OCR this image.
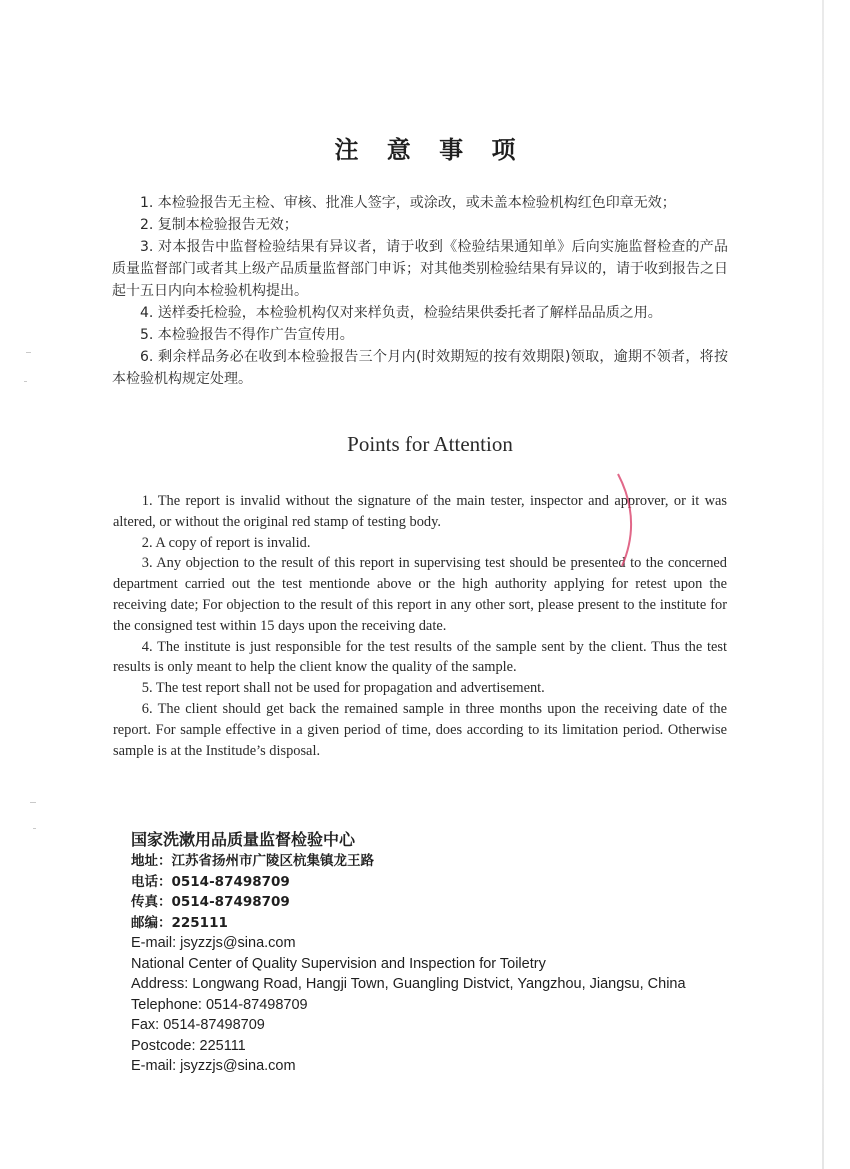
注 意 事 项

1. 本检验报告无主检、审核、批准人签字，或涂改，或未盖本检验机构红色印章无效；

2. 复制本检验报告无效；

3. 对本报告中监督检验结果有异议者，请于收到《检验结果通知单》后向实施监督检查的产品质量监督部门或者其上级产品质量监督部门申诉；对其他类别检验结果有异议的，请于收到报告之日起十五日内向本检验机构提出。

4. 送样委托检验，本检验机构仅对来样负责，检验结果供委托者了解样品品质之用。

5. 本检验报告不得作广告宣传用。

6. 剩余样品务必在收到本检验报告三个月内(时效期短的按有效期限)领取，逾期不领者，将按本检验机构规定处理。

Points for Attention

1. The report is invalid without the signature of the main tester, inspector and approver, or it was altered, or without the original red stamp of testing body.

2. A copy of report is invalid.

3. Any objection to the result of this report in supervising test should be presented to the concerned department carried out the test mentionde above or the high authority applying for retest upon the receiving date; For objection to the result of this report in any other sort, please present to the institute for the consigned test within 15 days upon the receiving date.

4. The institute is just responsible for the test results of the sample sent by the client. Thus the test results is only meant to help the client know the quality of the sample.

5. The test report shall not be used for propagation and advertisement.

6. The client should get back the remained sample in three months upon the receiving date of the report. For sample effective in a given period of time, does according to its limitation period. Otherwise sample is at the Institude’s disposal.

国家洗漱用品质量监督检验中心
地址：江苏省扬州市广陵区杭集镇龙王路
电话：0514-87498709
传真：0514-87498709
邮编：225111
E-mail: jsyzzjs@sina.com
National Center of Quality Supervision and Inspection for Toiletry
Address: Longwang Road, Hangji Town, Guangling Distvict, Yangzhou, Jiangsu, China
Telephone: 0514-87498709
Fax: 0514-87498709
Postcode: 225111
E-mail: jsyzzjs@sina.com
